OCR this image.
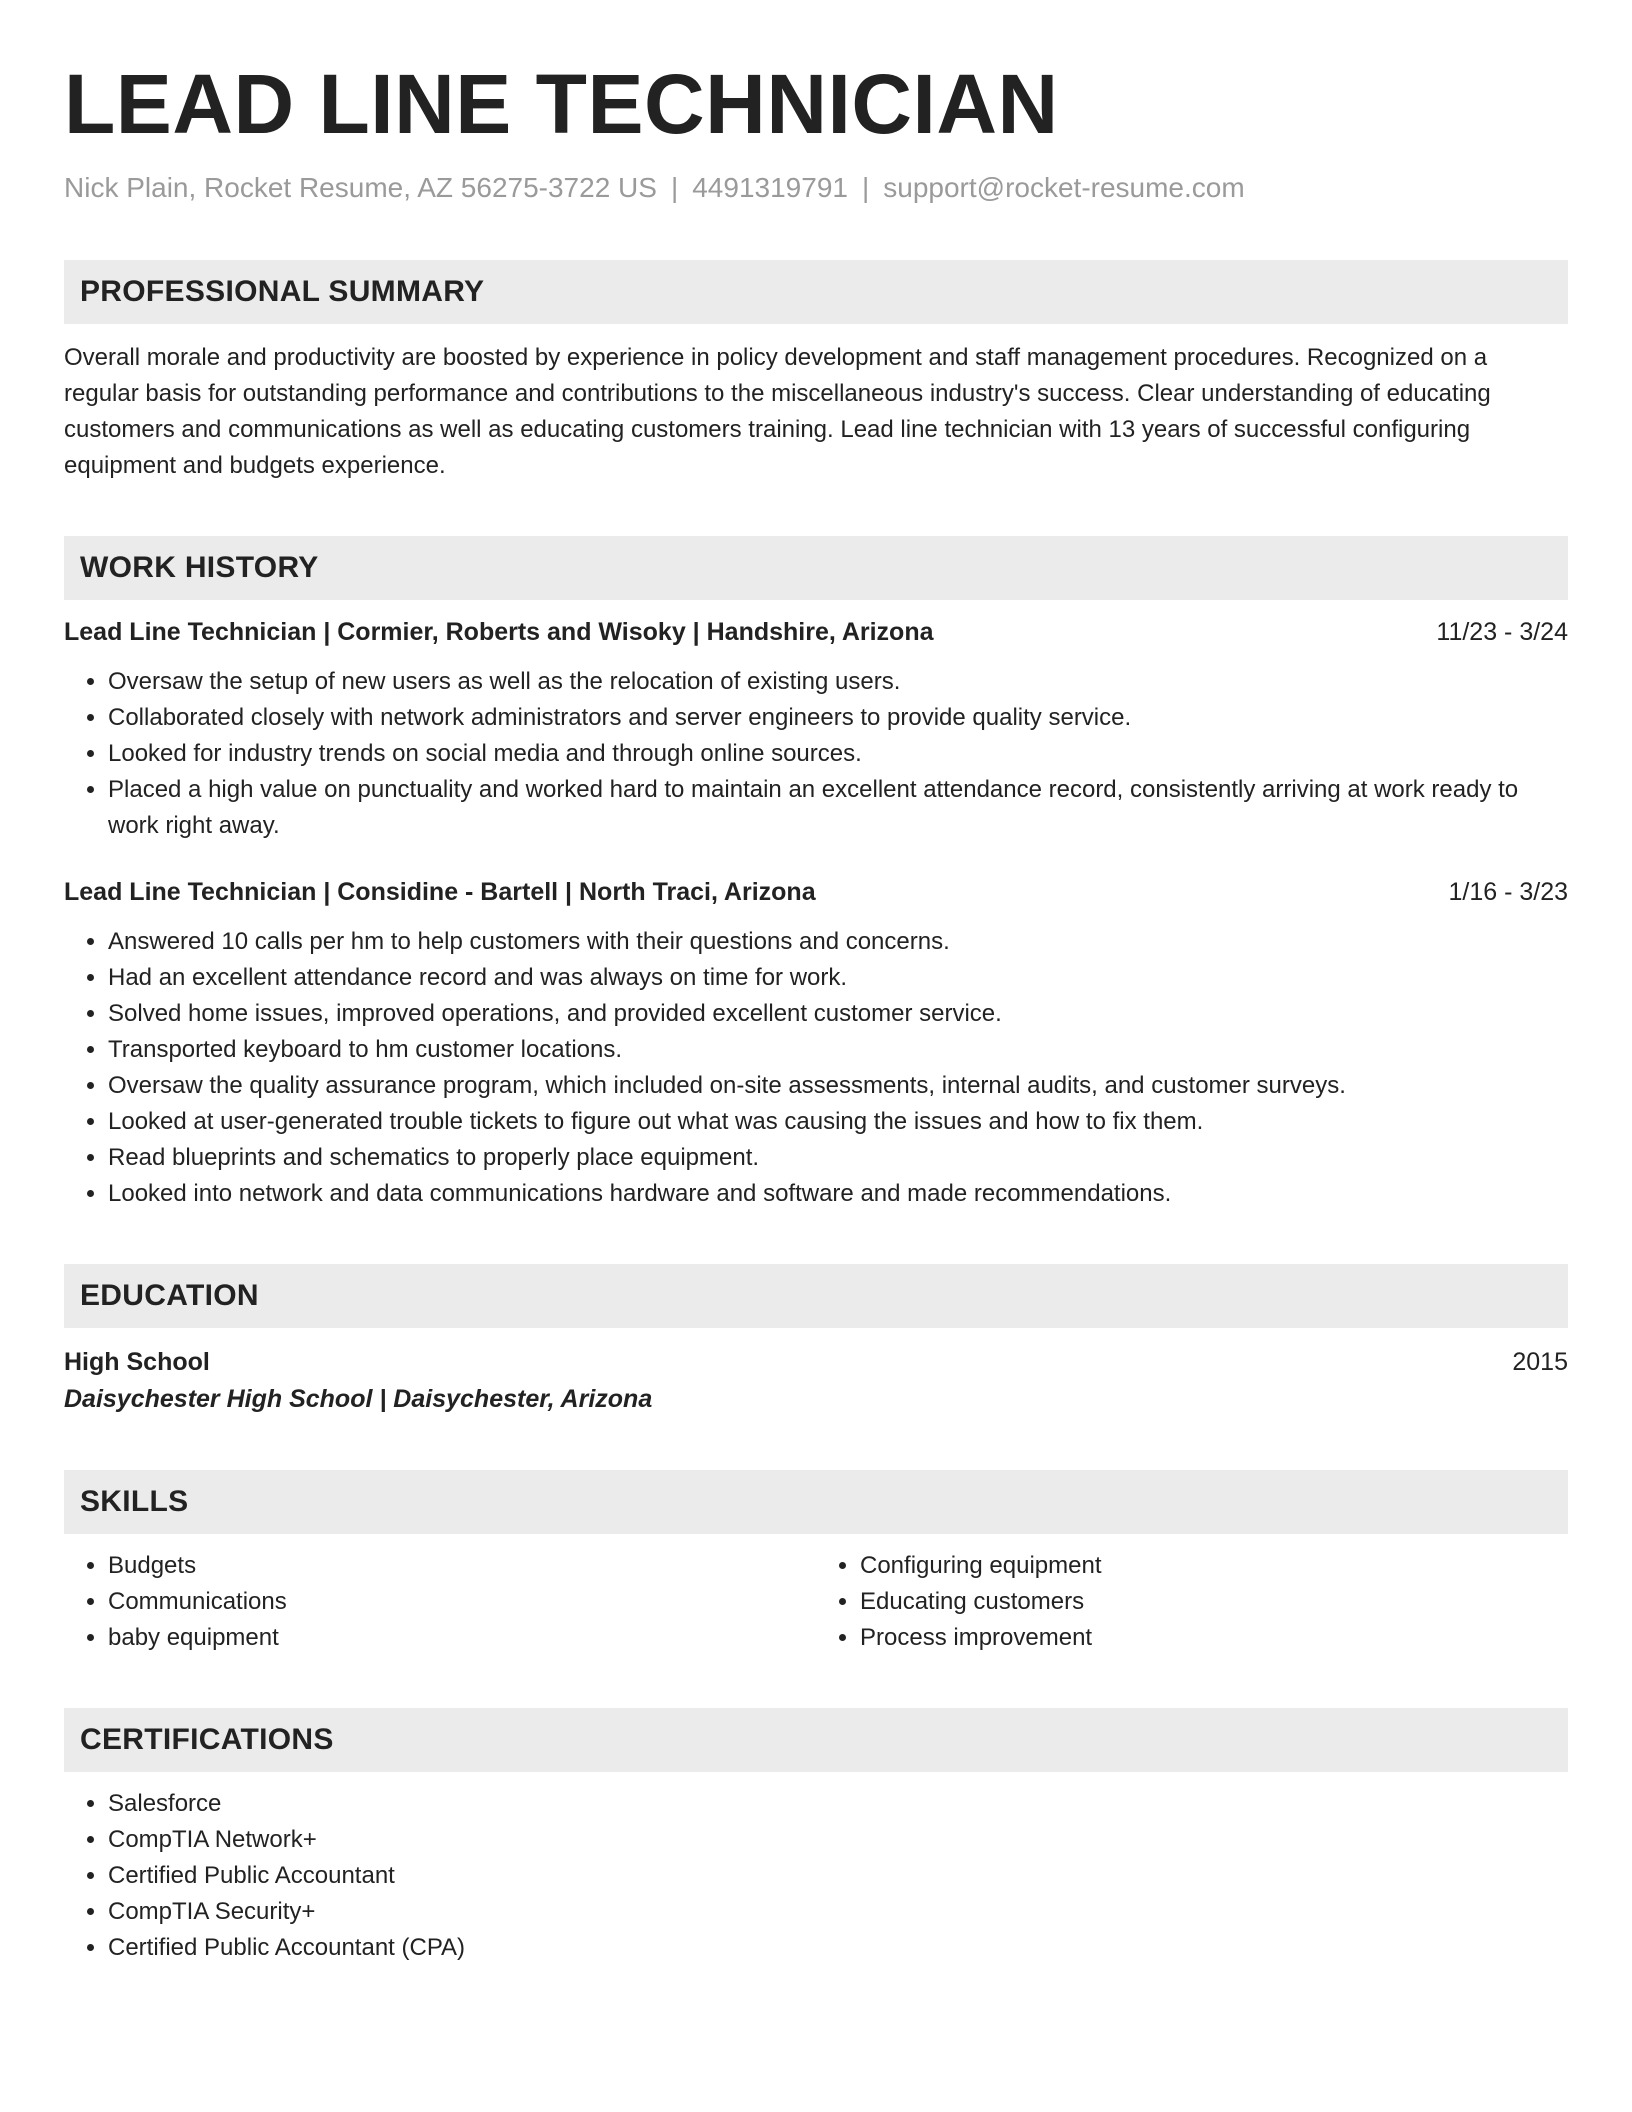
LEAD LINE TECHNICIAN
Nick Plain, Rocket Resume, AZ 56275-3722 US | 4491319791 | support@rocket-resume.com
PROFESSIONAL SUMMARY
Overall morale and productivity are boosted by experience in policy development and staff management procedures. Recognized on a regular basis for outstanding performance and contributions to the miscellaneous industry's success. Clear understanding of educating customers and communications as well as educating customers training. Lead line technician with 13 years of successful configuring equipment and budgets experience.
WORK HISTORY
Lead Line Technician | Cormier, Roberts and Wisoky | Handshire, Arizona	11/23 - 3/24
• Oversaw the setup of new users as well as the relocation of existing users.
• Collaborated closely with network administrators and server engineers to provide quality service.
• Looked for industry trends on social media and through online sources.
• Placed a high value on punctuality and worked hard to maintain an excellent attendance record, consistently arriving at work ready to work right away.
Lead Line Technician | Considine - Bartell | North Traci, Arizona	1/16 - 3/23
• Answered 10 calls per hm to help customers with their questions and concerns.
• Had an excellent attendance record and was always on time for work.
• Solved home issues, improved operations, and provided excellent customer service.
• Transported keyboard to hm customer locations.
• Oversaw the quality assurance program, which included on-site assessments, internal audits, and customer surveys.
• Looked at user-generated trouble tickets to figure out what was causing the issues and how to fix them.
• Read blueprints and schematics to properly place equipment.
• Looked into network and data communications hardware and software and made recommendations.
EDUCATION
High School	2015
Daisychester High School | Daisychester, Arizona
SKILLS
• Budgets
• Communications
• baby equipment
• Configuring equipment
• Educating customers
• Process improvement
CERTIFICATIONS
• Salesforce
• CompTIA Network+
• Certified Public Accountant
• CompTIA Security+
• Certified Public Accountant (CPA)
